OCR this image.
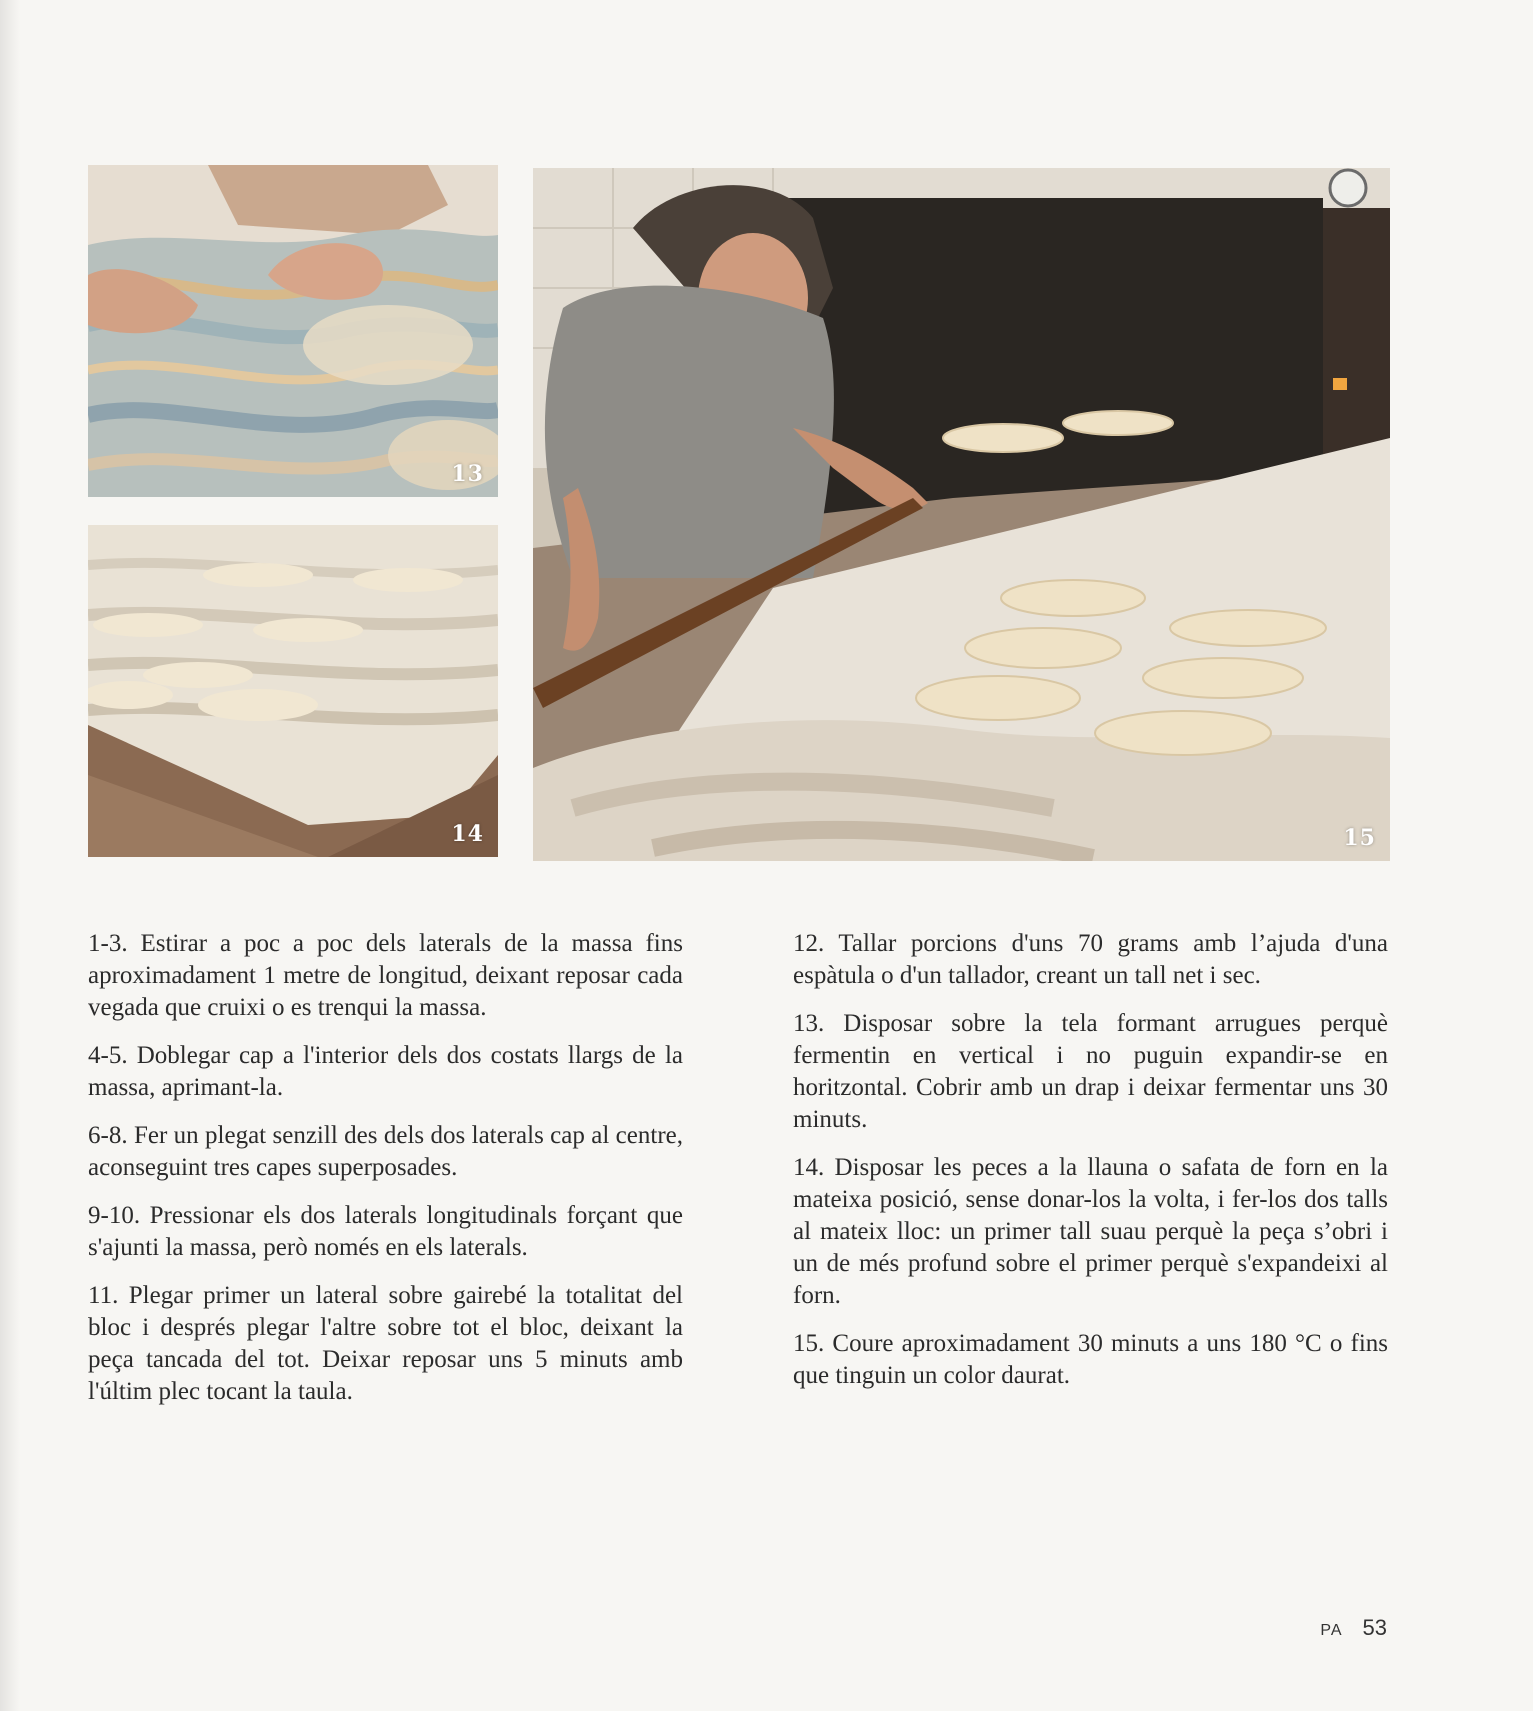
13
14	15

1-3. Estirar a poc a poc dels laterals de la massa fins aproximadament 1 metre de longitud, deixant reposar cada vegada que cruixi o es trenqui la massa.

4-5. Doblegar cap a l'interior dels dos costats llargs de la massa, aprimant-la.

6-8. Fer un plegat senzill des dels dos laterals cap al centre, aconseguint tres capes superposades.

9-10. Pressionar els dos laterals longitudinals forçant que s'ajunti la massa, però només en els laterals.

11. Plegar primer un lateral sobre gairebé la totalitat del bloc i després plegar l'altre sobre tot el bloc, deixant la peça tancada del tot. Deixar reposar uns 5 minuts amb l'últim plec tocant la taula.

12. Tallar porcions d'uns 70 grams amb l’ajuda d'una espàtula o d'un tallador, creant un tall net i sec.

13. Disposar sobre la tela formant arrugues perquè fermentin en vertical i no puguin expandir-se en horitzontal. Cobrir amb un drap i deixar fermentar uns 30 minuts.

14. Disposar les peces a la llauna o safata de forn en la mateixa posició, sense donar-los la volta, i fer-los dos talls al mateix lloc: un primer tall suau perquè la peça s’obri i un de més profund sobre el primer perquè s'expandeixi al forn.

15. Coure aproximadament 30 minuts a uns 180 °C o fins que tinguin un color daurat.

PA 53
